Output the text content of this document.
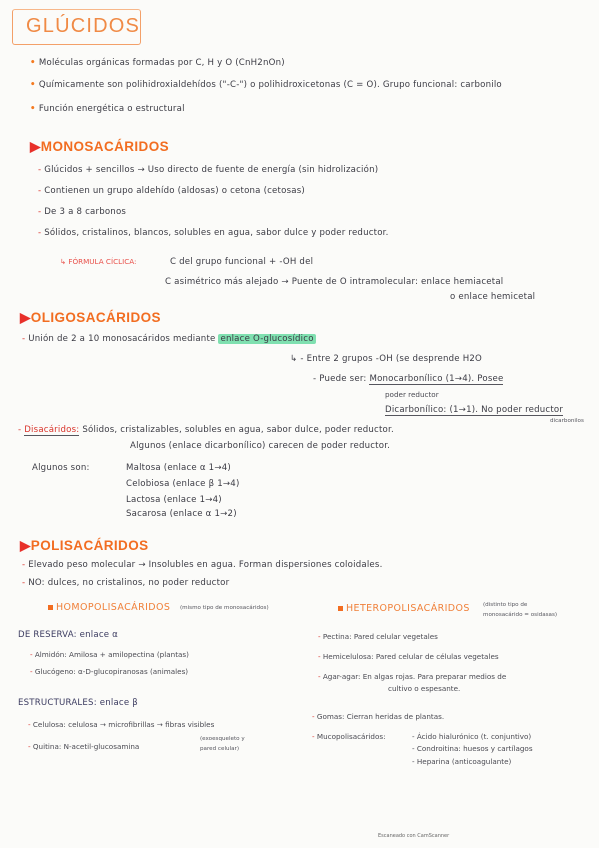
GLÚCIDOS
• Moléculas orgánicas formadas por C, H y O (CnH2nOn)
• Químicamente son polihidroxialdehídos ("-C-") o polihidroxicetonas (C = O). Grupo funcional: carbonilo
• Función energética o estructural
▶MONOSACÁRIDOS
- Glúcidos + sencillos → Uso directo de fuente de energía (sin hidrolización)
- Contienen un grupo aldehído (aldosas) o cetona (cetosas)
- De 3 a 8 carbonos
- Sólidos, cristalinos, blancos, solubles en agua, sabor dulce y poder reductor.
↳ FÓRMULA CÍCLICA:	C del grupo funcional + -OH del
C asimétrico más alejado → Puente de O intramolecular: enlace hemiacetal
o enlace hemicetal
▶OLIGOSACÁRIDOS
- Unión de 2 a 10 monosacáridos mediante enlace O-glucosídico
↳ - Entre 2 grupos -OH (se desprende H2O
- Puede ser: Monocarbonílico (1→4). Posee
poder reductor
Dicarbonílico: (1→1). No poder reductor
dicarbonilos
- Disacáridos: Sólidos, cristalizables, solubles en agua, sabor dulce, poder reductor.
Algunos (enlace dicarbonílico) carecen de poder reductor.
Algunos son:	Maltosa (enlace α 1→4)
Celobiosa (enlace β 1→4)
Lactosa (enlace 1→4)
Sacarosa (enlace α 1→2)
▶POLISACÁRIDOS
- Elevado peso molecular → Insolubles en agua. Forman dispersiones coloidales.
- NO: dulces, no cristalinos, no poder reductor
HOMOPOLISACÁRIDOS (mismo tipo de monosacáridos)
DE RESERVA: enlace α
- Almidón: Amilosa + amilopectina (plantas)
- Glucógeno: α-D-glucopiranosas (animales)
ESTRUCTURALES: enlace β
- Celulosa: celulosa → microfibrillas → fibras visibles
- Quitina: N-acetil-glucosamina
(exoesqueleto y
pared celular)
HETEROPOLISACÁRIDOS (distinto tipo de
monosacárido = osidasas)
- Pectina: Pared celular vegetales
- Hemicelulosa: Pared celular de células vegetales
- Agar-agar: En algas rojas. Para preparar medios de
cultivo o espesante.
- Gomas: Cierran heridas de plantas.
- Mucopolisacáridos:	- Ácido hialurónico (t. conjuntivo)
- Condroitina: huesos y cartílagos
- Heparina (anticoagulante)
Escaneado con CamScanner
